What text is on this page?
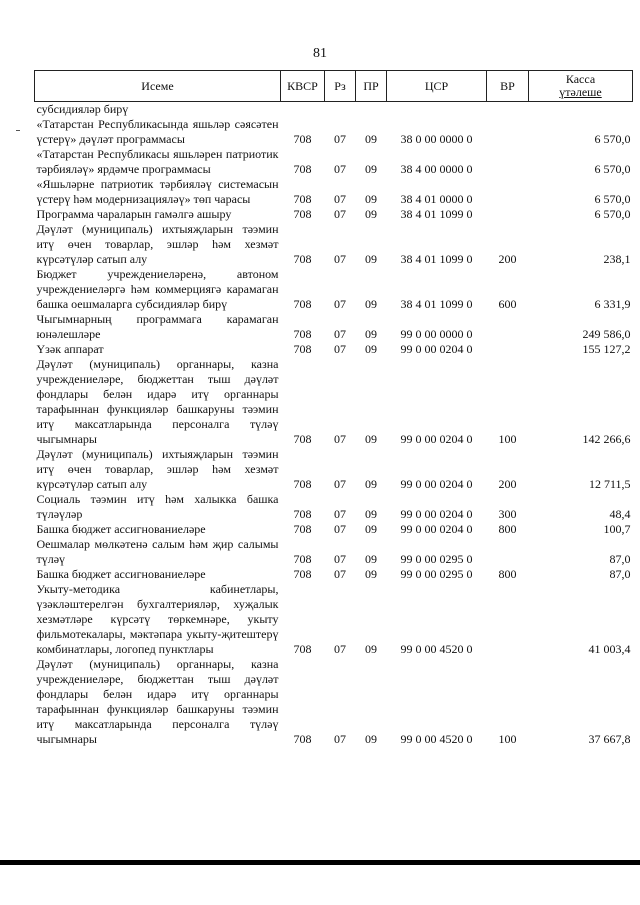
81
Исеме	КВСР	Рз	ПР	ЦСР	ВР	Касса
үтәлеше

субсидияләр бирү						
«Татарстан Республикасында яшьләр сәясәтен үстерү» дәүләт программасы	708	07	09	38 0 00 0000 0		6 570,0
«Татарстан Республикасы яшьләрен патриотик тәрбияләү» ярдәмче программасы	708	07	09	38 4 00 0000 0		6 570,0
«Яшьләрне патриотик тәрбияләү системасын үстерү һәм модернизацияләү» төп чарасы	708	07	09	38 4 01 0000 0		6 570,0
Программа чараларын гамәлгә ашыру	708	07	09	38 4 01 1099 0		6 570,0
Дәүләт (муниципаль) ихтыяҗларын тәэмин итү өчен товарлар, эшләр һәм хезмәт күрсәтүләр сатып алу	708	07	09	38 4 01 1099 0	200	238,1
Бюджет учреждениеләренә, автоном учреждениеләргә һәм коммерциягә карамаган башка оешмаларга субсидияләр бирү	708	07	09	38 4 01 1099 0	600	6 331,9
Чыгымнарның программага карамаган юнәлешләре	708	07	09	99 0 00 0000 0		249 586,0
Үзәк аппарат	708	07	09	99 0 00 0204 0		155 127,2
Дәүләт (муниципаль) органнары, казна учреждениеләре, бюджеттан тыш дәүләт фондлары белән идарә итү органнары тарафыннан функцияләр башкаруны тәэмин итү максатларында персоналга түләү чыгымнары	708	07	09	99 0 00 0204 0	100	142 266,6
Дәүләт (муниципаль) ихтыяҗларын тәэмин итү өчен товарлар, эшләр һәм хезмәт күрсәтүләр сатып алу	708	07	09	99 0 00 0204 0	200	12 711,5
Социаль тәэмин итү һәм халыкка башка түләүләр	708	07	09	99 0 00 0204 0	300	48,4
Башка бюджет ассигнованиеләре	708	07	09	99 0 00 0204 0	800	100,7
Оешмалар мөлкәтенә салым һәм җир салымы түләү	708	07	09	99 0 00 0295 0		87,0
Башка бюджет ассигнованиеләре	708	07	09	99 0 00 0295 0	800	87,0
Укыту-методика кабинетлары, үзәкләштерелгән бухгалтерияләр, хуҗалык хезмәтләре күрсәтү төркемнәре, укыту фильмотекалары, мәктәпара укыту-җитештерү комбинатлары, логопед пунктлары	708	07	09	99 0 00 4520 0		41 003,4
Дәүләт (муниципаль) органнары, казна учреждениеләре, бюджеттан тыш дәүләт фондлары белән идарә итү органнары тарафыннан функцияләр башкаруны тәэмин итү максатларында персоналга түләү чыгымнары	708	07	09	99 0 00 4520 0	100	37 667,8
